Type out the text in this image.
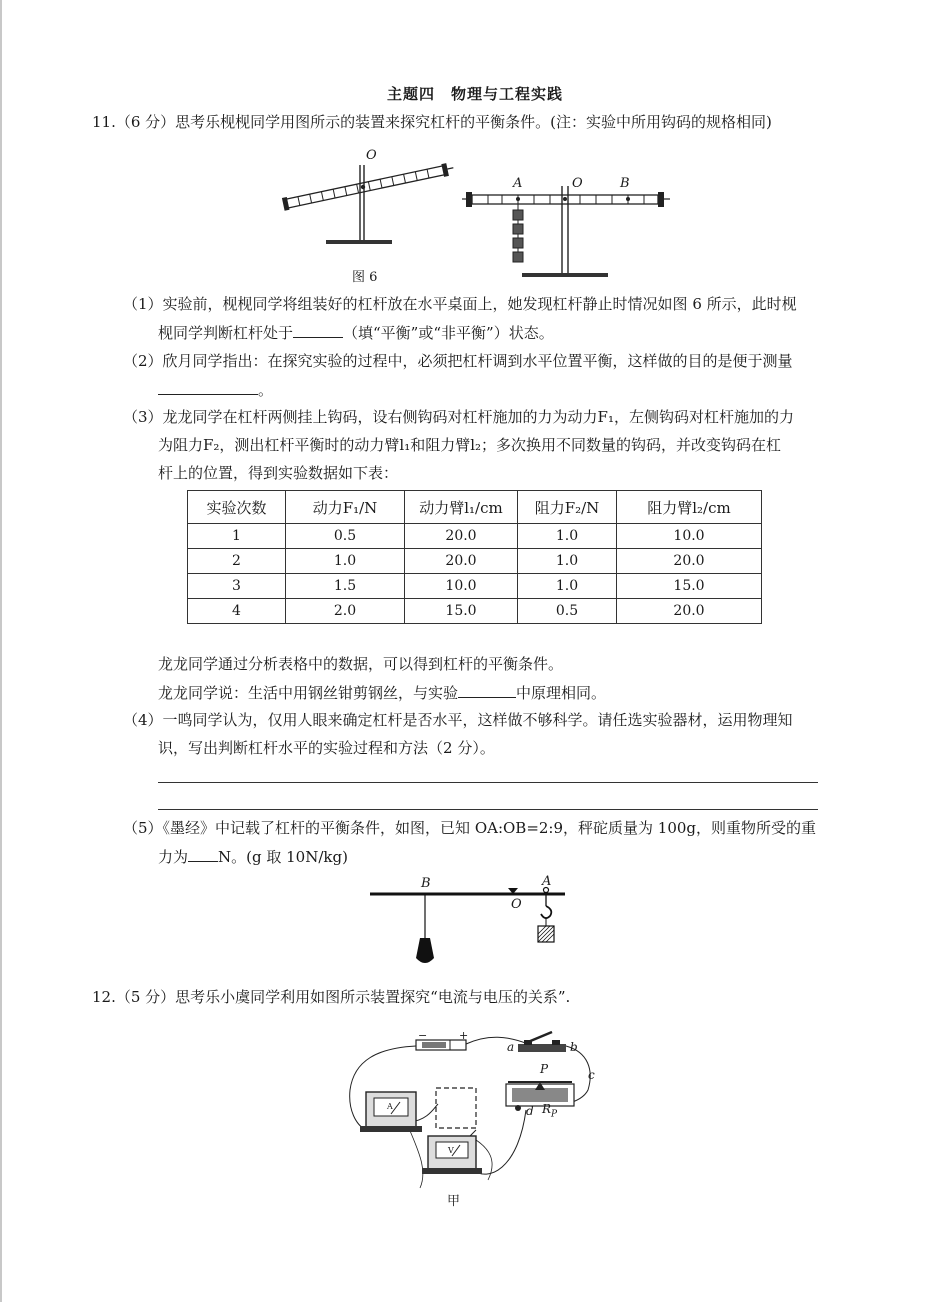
主题四　物理与工程实践
11.（6 分）思考乐枧枧同学用图所示的装置来探究杠杆的平衡条件。(注：实验中所用钩码的规格相同)
O
A	O	B
图 6
（1）实验前，枧枧同学将组装好的杠杆放在水平桌面上，她发现杠杆静止时情况如图 6 所示，此时枧
枧同学判断杠杆处于	（填“平衡”或“非平衡”）状态。
（2）欣月同学指出：在探究实验的过程中，必须把杠杆调到水平位置平衡，这样做的目的是便于测量
。
（3）龙龙同学在杠杆两侧挂上钩码，设右侧钩码对杠杆施加的力为动力F₁，左侧钩码对杠杆施加的力
为阻力F₂，测出杠杆平衡时的动力臂l₁和阻力臂l₂；多次换用不同数量的钩码，并改变钩码在杠
杆上的位置，得到实验数据如下表：
实验次数	动力F₁/N	动力臂l₁/cm	阻力F₂/N	阻力臂l₂/cm
1	0.5	20.0	1.0	10.0
2	1.0	20.0	1.0	20.0
3	1.5	10.0	1.0	15.0
4	2.0	15.0	0.5	20.0
龙龙同学通过分析表格中的数据，可以得到杠杆的平衡条件。
龙龙同学说：生活中用钢丝钳剪钢丝，与实验	中原理相同。
（4）一鸣同学认为，仅用人眼来确定杠杆是否水平，这样做不够科学。请任选实验器材，运用物理知
识，写出判断杠杆水平的实验过程和方法（2 分）。
（5）《墨经》中记载了杠杆的平衡条件，如图，已知 OA:OB=2:9，秤砣质量为 100g，则重物所受的重
力为 N。(g 取 10N/kg)
B
O
A
12.（5 分）思考乐小虞同学利用如图所示装置探究“电流与电压的关系”.
−	+
a	b
c
P
d $R_P$
A
V
甲
